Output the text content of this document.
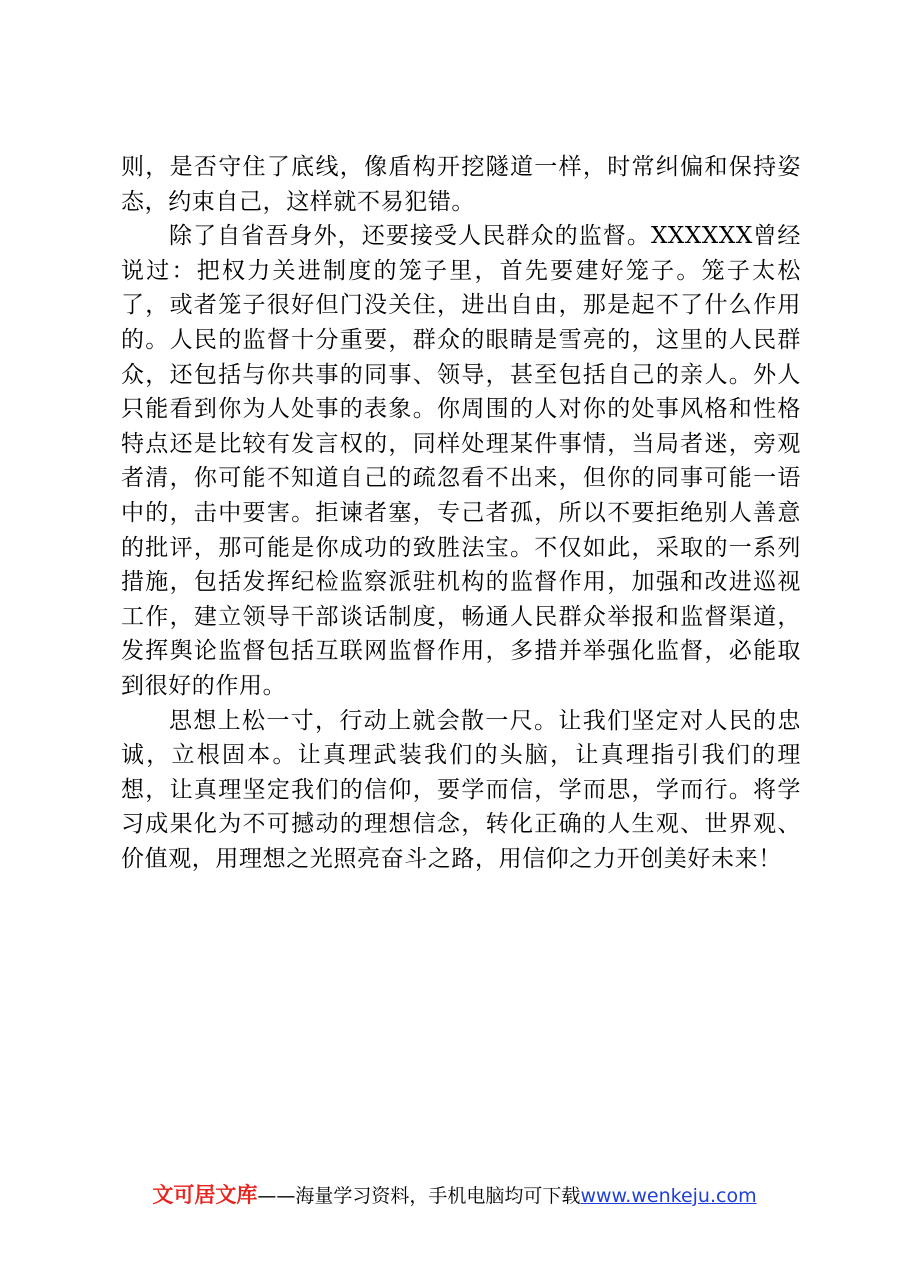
则，是否守住了底线，像盾构开挖隧道一样，时常纠偏和保持姿态，约束自己，这样就不易犯错。

除了自省吾身外，还要接受人民群众的监督。XXXXXX曾经说过：把权力关进制度的笼子里，首先要建好笼子。笼子太松了，或者笼子很好但门没关住，进出自由，那是起不了什么作用的。人民的监督十分重要，群众的眼睛是雪亮的，这里的人民群众，还包括与你共事的同事、领导，甚至包括自己的亲人。外人只能看到你为人处事的表象。你周围的人对你的处事风格和性格特点还是比较有发言权的，同样处理某件事情，当局者迷，旁观者清，你可能不知道自己的疏忽看不出来，但你的同事可能一语中的，击中要害。拒谏者塞，专己者孤，所以不要拒绝别人善意的批评，那可能是你成功的致胜法宝。不仅如此，采取的一系列措施，包括发挥纪检监察派驻机构的监督作用，加强和改进巡视工作，建立领导干部谈话制度，畅通人民群众举报和监督渠道，发挥舆论监督包括互联网监督作用，多措并举强化监督，必能取到很好的作用。

思想上松一寸，行动上就会散一尺。让我们坚定对人民的忠诚，立根固本。让真理武装我们的头脑，让真理指引我们的理想，让真理坚定我们的信仰，要学而信，学而思，学而行。将学习成果化为不可撼动的理想信念，转化正确的人生观、世界观、价值观，用理想之光照亮奋斗之路，用信仰之力开创美好未来！

文可居文库——海量学习资料，手机电脑均可下载www.wenkeju.com
